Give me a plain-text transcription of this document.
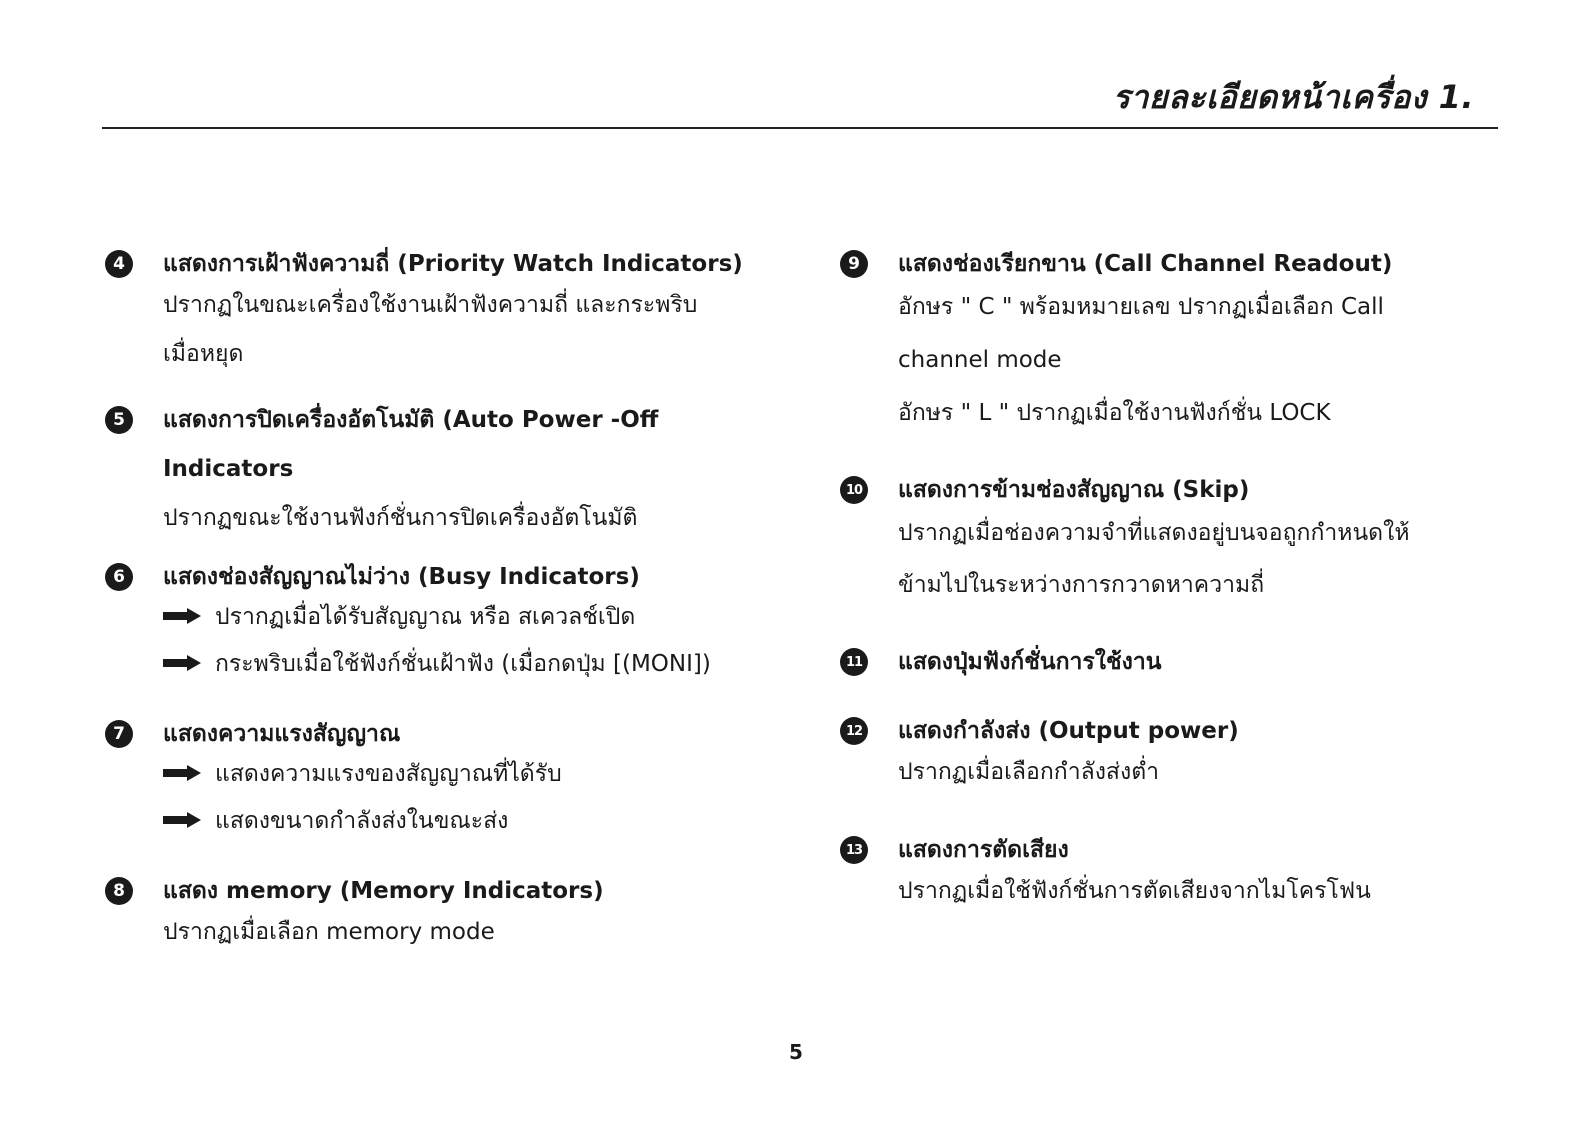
รายละเอียดหน้าเครื่อง 1.
4	แสดงการเฝ้าฟังความถี่ (Priority Watch Indicators)
ปรากฏในขณะเครื่องใช้งานเฝ้าฟังความถี่ และกระพริบ
เมื่อหยุด
5	แสดงการปิดเครื่องอัตโนมัติ (Auto Power -Off Indicators
ปรากฏขณะใช้งานฟังก์ชั่นการปิดเครื่องอัตโนมัติ
6	แสดงช่องสัญญาณไม่ว่าง (Busy Indicators)
ปรากฏเมื่อได้รับสัญญาณ หรือ สเควลช์เปิด
กระพริบเมื่อใช้ฟังก์ชั่นเฝ้าฟัง (เมื่อกดปุ่ม [(MONI])
7	แสดงความแรงสัญญาณ
แสดงความแรงของสัญญาณที่ได้รับ
แสดงขนาดกำลังส่งในขณะส่ง
8	แสดง memory (Memory Indicators)
ปรากฏเมื่อเลือก memory mode
9	แสดงช่องเรียกขาน (Call Channel Readout)
อักษร " C " พร้อมหมายเลข ปรากฏเมื่อเลือก Call
channel mode
อักษร " L " ปรากฏเมื่อใช้งานฟังก์ชั่น LOCK
10 แสดงการข้ามช่องสัญญาณ (Skip)
ปรากฏเมื่อช่องความจำที่แสดงอยู่บนจอถูกกำหนดให้
ข้ามไปในระหว่างการกวาดหาความถี่
11 แสดงปุ่มฟังก์ชั่นการใช้งาน
12 แสดงกำลังส่ง (Output power)
ปรากฏเมื่อเลือกกำลังส่งต่ำ
13 แสดงการตัดเสียง
ปรากฏเมื่อใช้ฟังก์ชั่นการตัดเสียงจากไมโครโฟน
5
